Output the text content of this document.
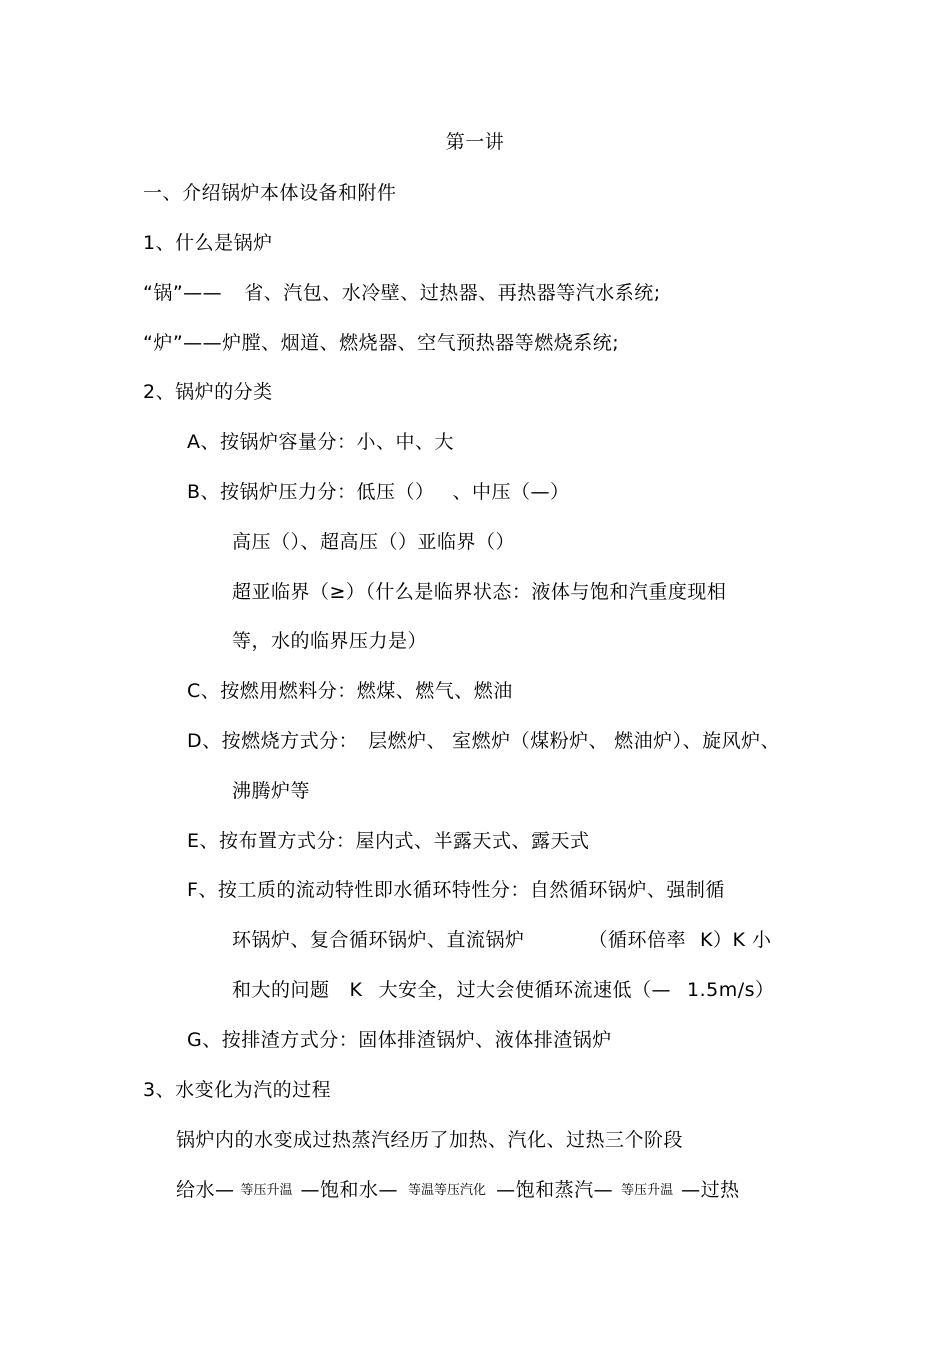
第一讲
一、介绍锅炉本体设备和附件
1、什么是锅炉
“锅”—— 省、汽包、水冷壁、过热器、再热器等汽水系统;
“炉”——炉膛、烟道、燃烧器、空气预热器等燃烧系统;
2、锅炉的分类
A、按锅炉容量分：小、中、大
B、按锅炉压力分：低压（） 、中压（—）
高压（）、超高压（）亚临界（）
超亚临界（≥）（什么是临界状态：液体与饱和汽重度现相
等，水的临界压力是）
C、按燃用燃料分：燃煤、燃气、燃油
D、按燃烧方式分： 层燃炉、 室燃炉（煤粉炉、 燃油炉）、旋风炉、
沸腾炉等
E、按布置方式分：屋内式、半露天式、露天式
F、按工质的流动特性即水循环特性分：自然循环锅炉、强制循
环锅炉、复合循环锅炉、直流锅炉	（循环倍率 K）K 小
和大的问题 K 大安全，过大会使循环流速低（— 1.5m/s）
G、按排渣方式分：固体排渣锅炉、液体排渣锅炉
3、水变化为汽的过程
锅炉内的水变成过热蒸汽经历了加热、汽化、过热三个阶段
给水— 等压升温 —饱和水— 等温等压汽化 —饱和蒸汽— 等压升温 —过热
